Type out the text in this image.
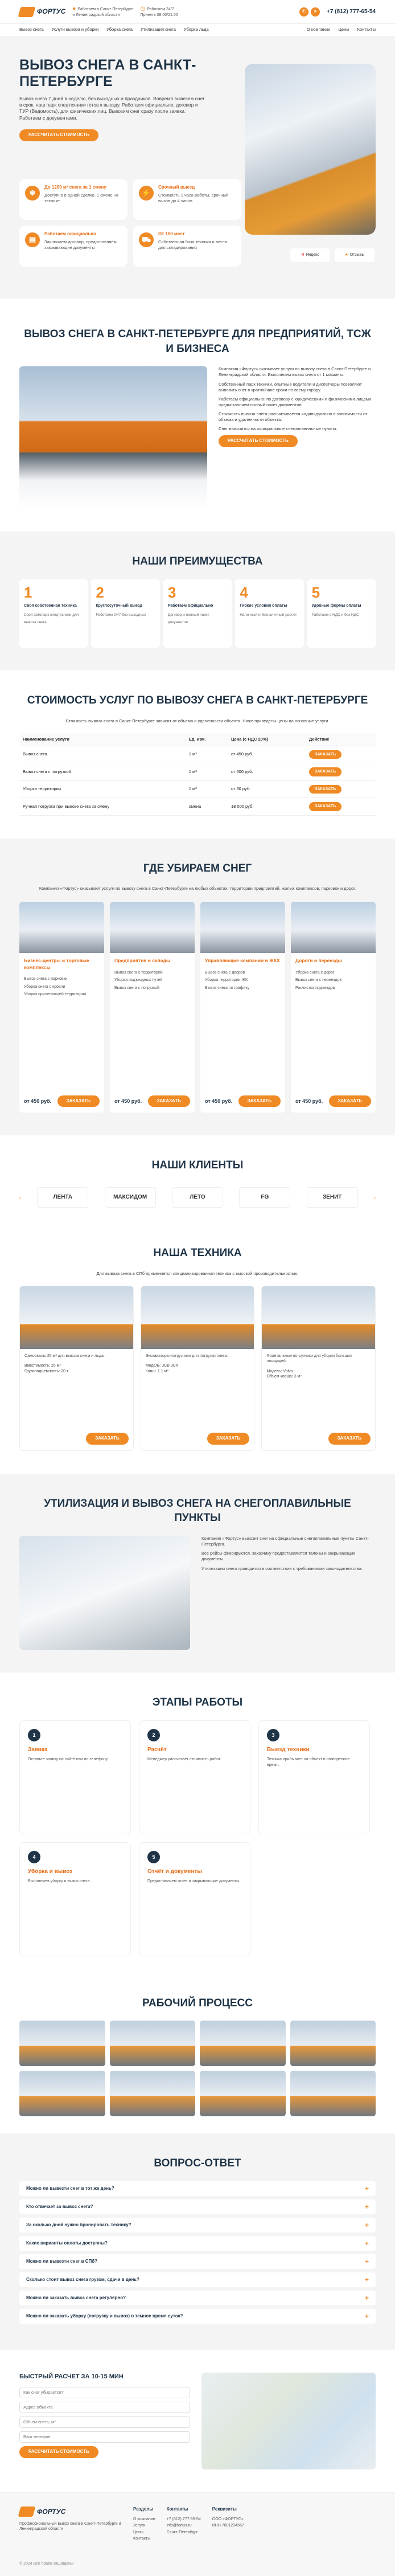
ФОРТУС ● Работаем в Санкт-Петербурге
и Ленинградской области
◷ Работаем 24/7
Прием в 08.00/21.00
✆	➤	+7 (812) 777-65-54
Вывоз снега Услуги вывоза и уборки Уборка снега Утилизация снега Уборка льда	О компании Цены Контакты
ВЫВОЗ СНЕГА В САНКТ-ПЕТЕРБУРГЕ

Вывоз снега 7 дней в неделю, без выходных и праздников. Вовремя вывезем снег в срок, наш парк спецтехники готов к выезду. Работаем официально, договор и ТУР (Ведомость), для физических лиц. Вывозим снег сразу после заявки. Работаем с документами.

РАССЧИТАТЬ СТОИМОСТЬ
❄
До 1200 м³ снега за 1 смену
Доступно в одной сделке, 1 смене на технике
⚡
Срочный выезд
Стоимость 1 часа работы, срочный вызов до 4 часов
▤
Работаем официально
Заключаем договор, предоставляем закрывающие документы
⛟
От 150 мест
Собственная база техники и места для складирования
Я Яндекс	★ Отзывы
ВЫВОЗ СНЕГА В САНКТ-ПЕТЕРБУРГЕ ДЛЯ ПРЕДПРИЯТИЙ, ТСЖ И БИЗНЕСА

Компания «Фортус» оказывает услуги по вывозу снега в Санкт-Петербурге и Ленинградской области. Выполняем вывоз снега от 1 машины.

Собственный парк техники, опытные водители и диспетчеры позволяют вывозить снег в кратчайшие сроки по всему городу.

Работаем официально: по договору с юридическими и физическими лицами, предоставляем полный пакет документов.

Стоимость вывоза снега рассчитывается индивидуально в зависимости от объема и удаленности объекта.

Снег вывозится на официальные снегоплавильные пункты.

РАССЧИТАТЬ СТОИМОСТЬ
НАШИ ПРЕИМУЩЕСТВА
1
Своя собственная техника
Свой автопарк спецтехники для вывоза снега
2
Круглосуточный выезд
Работаем 24/7 без выходных
3
Работаем официально
Договор и полный пакет документов
4
Гибкие условия оплаты
Наличный и безналичный расчет
5
Удобные формы оплаты
Работаем с НДС и без НДС
СТОИМОСТЬ УСЛУГ ПО ВЫВОЗУ СНЕГА В САНКТ-ПЕТЕРБУРГЕ

Стоимость вывоза снега в Санкт-Петербурге зависит от объема и удаленности объекта. Ниже приведены цены на основные услуги.

Наименование услуги	Ед. изм.	Цена (с НДС 20%)	Действие
Вывоз снега	1 м³	от 450 руб.	ЗАКАЗАТЬ
Вывоз снега с погрузкой	1 м³	от 600 руб.	ЗАКАЗАТЬ
Уборка территории	1 м²	от 30 руб.	ЗАКАЗАТЬ
Ручная погрузка при вывозе снега за смену	смена	18 000 руб.	ЗАКАЗАТЬ
ГДЕ УБИРАЕМ СНЕГ

Компания «Фортус» оказывает услуги по вывозу снега в Санкт-Петербурге на любых объектах: территории предприятий, жилых комплексов, парковок и дорог.

Бизнес-центры и торговые комплексы
Вывоз снега с парковки
Уборка снега с кровли
Уборка прилегающей территории
от 450 руб.	ЗАКАЗАТЬ
Предприятия и склады
Вывоз снега с территорий
Уборка подъездных путей
Вывоз снега с погрузкой
от 450 руб.	ЗАКАЗАТЬ
Управляющие компании и ЖКХ
Вывоз снега с дворов
Уборка территории ЖК
Вывоз снега по графику
от 450 руб.	ЗАКАЗАТЬ
Дороги и переезды
Уборка снега с дорог
Вывоз снега с переездов
Расчистка подъездов
от 450 руб.	ЗАКАЗАТЬ
НАШИ КЛИЕНТЫ
‹	ЛЕНТА	МАКСИДОМ	ЛЕТО	FG	ЗЕНИТ	›
НАША ТЕХНИКА

Для вывоза снега в СПб применяется специализированная техника с высокой производительностью.

Самосвалы 25 м³ для вывоза снега и льда.

Вместимость: 25 м³
Грузоподъемность: 20 т
ЗАКАЗАТЬ

Экскаваторы-погрузчики для погрузки снега.

Модель: JCB 3CX
Ковш: 1.1 м³
ЗАКАЗАТЬ

Фронтальные погрузчики для уборки больших площадей.

Модель: Volvo
Объем ковша: 3 м³
ЗАКАЗАТЬ
УТИЛИЗАЦИЯ И ВЫВОЗ СНЕГА НА СНЕГОПЛАВИЛЬНЫЕ ПУНКТЫ

Компания «Фортус» вывозит снег на официальные снегоплавильные пункты Санкт-Петербурга.

Все рейсы фиксируются, заказчику предоставляются талоны и закрывающие документы.

Утилизация снега проводится в соответствии с требованиями законодательства.

ЭТАПЫ РАБОТЫ
1
Заявка

Оставьте заявку на сайте или по телефону.

2
Расчёт

Менеджер рассчитает стоимость работ.

3
Выезд техники

Техника прибывает на объект в оговоренное время.

4
Уборка и вывоз

Выполняем уборку и вывоз снега.

5
Отчёт и документы

Предоставляем отчет и закрывающие документы.

РАБОЧИЙ ПРОЦЕСС
ВОПРОС-ОТВЕТ
Можно ли вывезти снег в тот же день?	+
Кто отвечает за вывоз снега?	+
За сколько дней нужно бронировать технику?	+
Какие варианты оплаты доступны?	+
Можно ли вывезти снег в СПб?	+
Сколько стоит вывоз снега грузом, сдачи в день?	+
Можно ли заказать вывоз снега регулярно?	+
Можно ли заказать уборку (погрузку и вывоз) в темное время суток?	+
БЫСТРЫЙ РАСЧЕТ ЗА 10-15 МИН
Как снег убирается?
Адрес объекта
Объем снега, м³
Ваш телефон
РАССЧИТАТЬ СТОИМОСТЬ
ФОРТУС

Профессиональный вывоз снега в Санкт-Петербурге и Ленинградской области

Разделы
О компании
Услуги
Цены
Контакты
Контакты
+7 (812) 777-65-54
info@fortus.ru
Санкт-Петербург
Реквизиты
ООО «ФОРТУС»
ИНН 7801234567
© 2024 Все права защищены
